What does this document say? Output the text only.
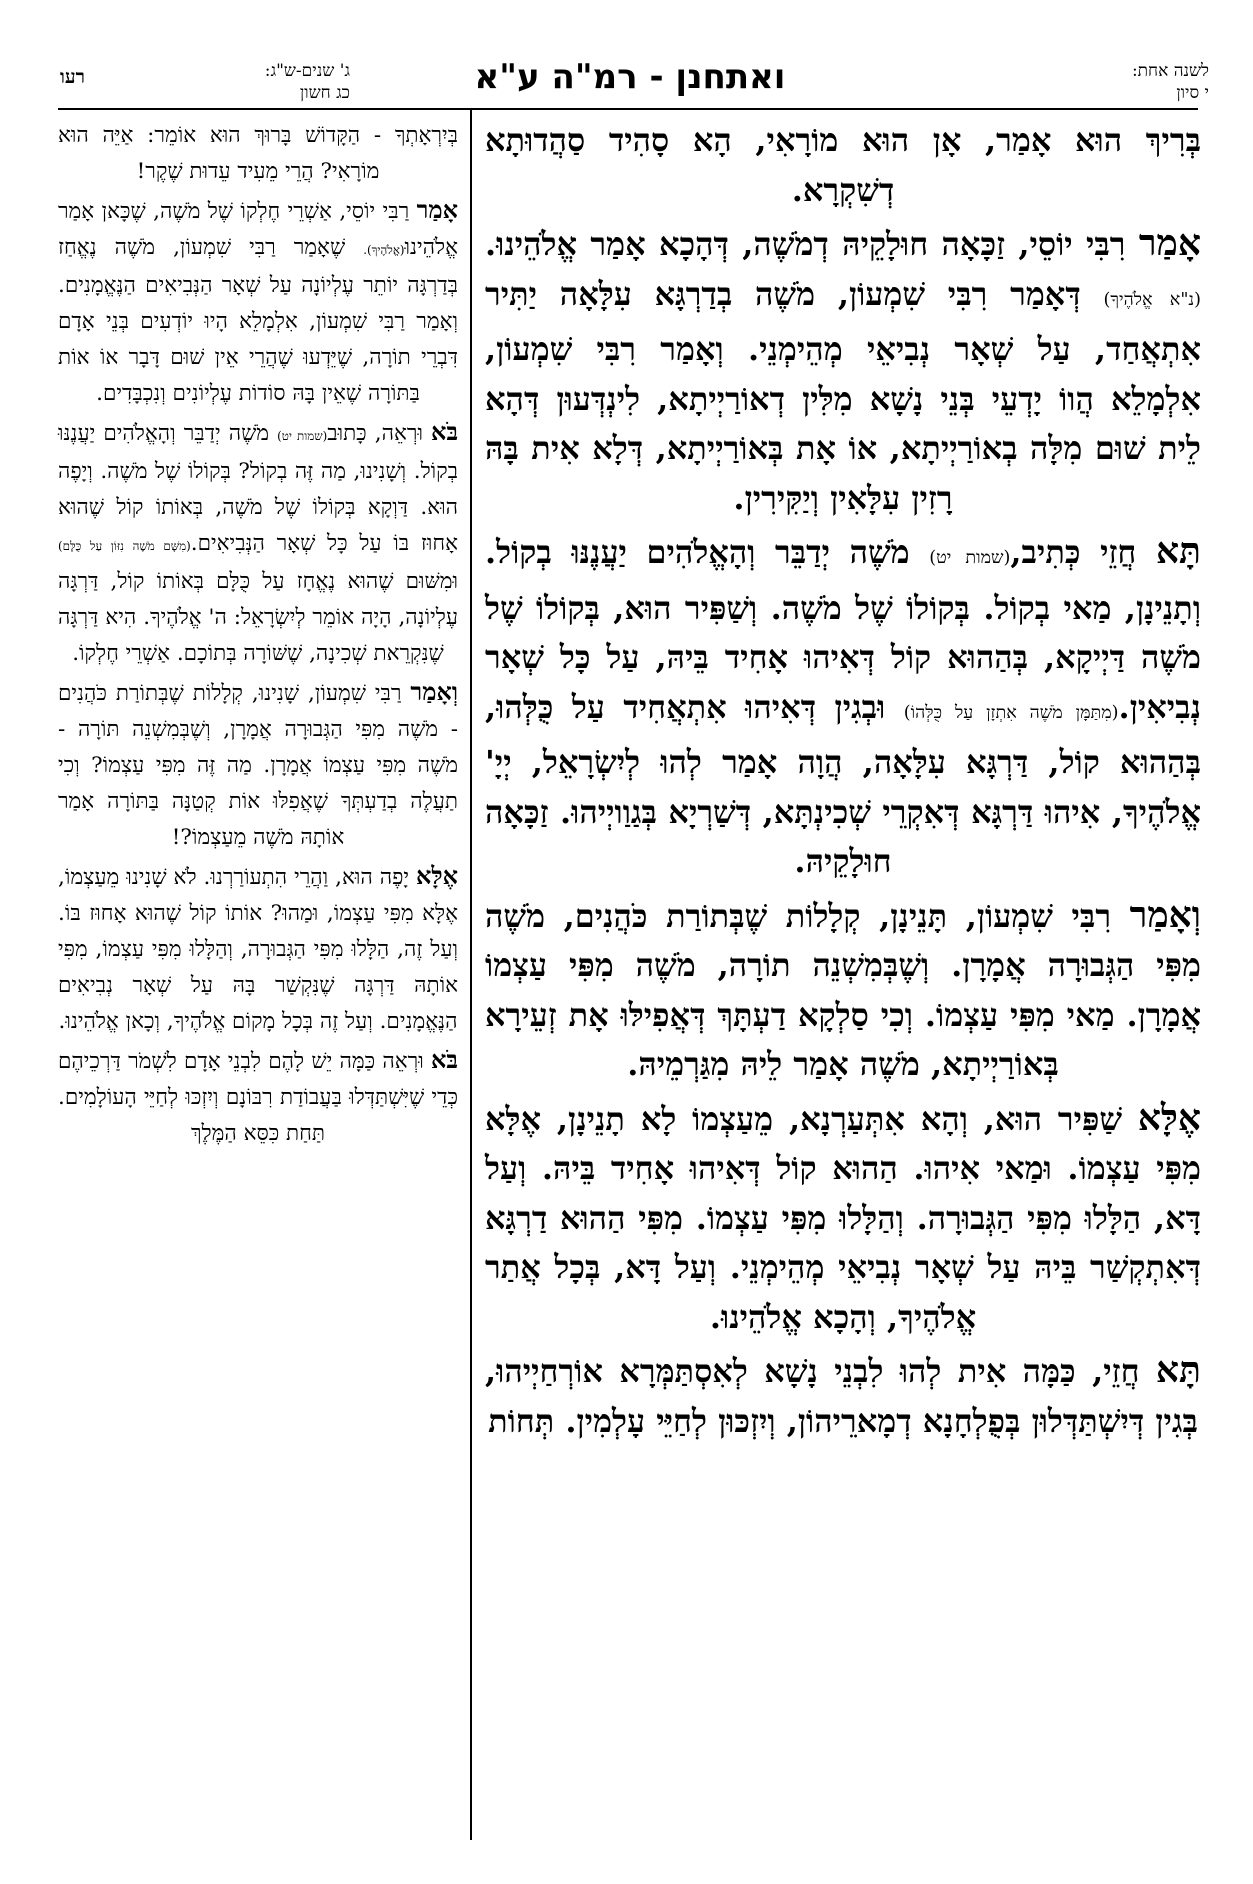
לשנה אחת:
י סיון
ואתחנן - רמ"ה ע"א
ג' שנים-ש"ג:
כג חשון
רעו

בְּרִיךְ הוּא אָמַר, אָן הוּא מוֹרָאִי, הָא סָהִיד סַהֲדוּתָא דְשִׁקְרָא.

אָמַר רִבִּי יוֹסֵי, זַכָּאָה חוּלָקֵיהּ דְמֹשֶׁה, דְּהָכָא אָמַר אֱלֹהֵינוּ.(נ"א אֱלֹהֶיךָ) דְּאָמַר רִבִּי שִׁמְעוֹן, מֹשֶׁה בְדַרְגָּא עִלָּאָה יַתִּיר אִתְאֲחַד, עַל שְׁאָר נְבִיאֵי מְהֵימְנֵי. וְאָמַר רִבִּי שִׁמְעוֹן, אִלְמָלֵא הֲווֹ יָדְעֵי בְּנֵי נָשָׁא מִלִּין דְאוֹרַיְיתָא, לִינְדְּעוּן דְּהָא לֵית שׁוּם מִלָּה בְאוֹרַיְיתָא, אוֹ אָת בְּאוֹרַיְיתָא, דְּלָא אִית בָּהּ רָזִין עִלָּאִין וְיַקִּירִין.

תָּא חֲזֵי כְּתִיב,(שמות יט) מֹשֶׁה יְדַבֵּר וְהָאֱלֹהִים יַעֲנֶנּוּ בְקוֹל. וְתָנֵינָן, מַאי בְקוֹל. בְּקוֹלוֹ שֶׁל מֹשֶׁה. וְשַׁפִּיר הוּא, בְּקוֹלוֹ שֶׁל מֹשֶׁה דַּיְיקָא, בְּהַהוּא קוֹל דְּאִיהוּ אָחִיד בֵּיהּ, עַל כָּל שְׁאָר נְבִיאִין.(מִתַּמָּן מֹשֶׁה אִתְזָן עַל כֻּלְּהוֹ) וּבְגִין דְּאִיהוּ אִתְאֲחִיד עַל כֻּלְּהוּ, בְּהַהוּא קוֹל, דַּרְגָּא עִלָּאָה, הֲוָה אָמַר לְהוּ לְיִשְׂרָאֵל, יְיָ' אֱלֹהֶיךָ, אִיהוּ דַּרְגָּא דְּאִקְרֵי שְׁכִינְתָּא, דְּשַׁרְיָא בְּגַוַויְיהוּ. זַכָּאָה חוּלָקֵיהּ.

וְאָמַר רִבִּי שִׁמְעוֹן, תָּנֵינָן, קְלָלוֹת שֶׁבְּתוֹרַת כֹּהֲנִים, מֹשֶׁה מִפִּי הַגְּבוּרָה אֲמָרָן. וְשֶׁבְּמִשְׁנֵה תוֹרָה, מֹשֶׁה מִפִּי עַצְמוֹ אֲמָרָן. מַאי מִפִּי עַצְמוֹ. וְכִי סַלְקָא דַעְתָּךְ דְּאֲפִילּוּ אָת זְעֵירָא בְּאוֹרַיְיתָא, מֹשֶׁה אָמַר לֵיהּ מִגַּרְמֵיהּ.

אֶלָּא שַׁפִּיר הוּא, וְהָא אִתְּעַרְנָא, מֵעַצְמוֹ לָא תָנֵינָן, אֶלָּא מִפִּי עַצְמוֹ. וּמַאי אִיהוּ. הַהוּא קוֹל דְּאִיהוּ אָחִיד בֵּיהּ. וְעַל דָּא, הַלָּלוּ מִפִּי הַגְּבוּרָה. וְהַלָּלוּ מִפִּי עַצְמוֹ. מִפִּי הַהוּא דַרְגָּא דְּאִתְקְשַׁר בֵּיהּ עַל שְׁאָר נְבִיאֵי מְהֵימְנֵי. וְעַל דָּא, בְּכָל אֲתַר אֱלֹהֶיךָ, וְהָכָא אֱלֹהֵינוּ.

תָּא חֲזֵי, כַּמָּה אִית לְהוּ לִבְנֵי נָשָׁא לְאִסְתַּמְּרָא אוֹרְחַיְיהוּ, בְּגִין דְּיִשְׁתַּדְּלוּן בְּפֻלְחָנָא דְמָארֵיהוֹן, וְיִזְכּוּן לְחַיֵּי עָלְמִין. תְּחוֹת

בְּיִרְאָתְךָ - הַקָּדוֹשׁ בָּרוּךְ הוּא אוֹמֵר: אַיֵּה הוּא מוֹרָאִי? הֲרֵי מֵעִיד עֵדוּת שֶׁקֶר!

אָמַר רַבִּי יוֹסֵי, אַשְׁרֵי חֶלְקוֹ שֶׁל מֹשֶׁה, שֶׁכָּאן אָמַר אֱלֹהֵינוּ(אֱלֹהֶיךָ). שֶׁאָמַר רַבִּי שִׁמְעוֹן, מֹשֶׁה נֶאֱחַז בְּדַרְגָּה יוֹתֵר עֶלְיוֹנָה עַל שְׁאָר הַנְּבִיאִים הַנֶּאֱמָנִים. וְאָמַר רַבִּי שִׁמְעוֹן, אִלְמָלֵא הָיוּ יוֹדְעִים בְּנֵי אָדָם דִּבְרֵי תוֹרָה, שֶׁיֵּדְעוּ שֶׁהֲרֵי אֵין שׁוּם דָּבָר אוֹ אוֹת בַּתּוֹרָה שֶׁאֵין בָּהּ סוֹדוֹת עֶלְיוֹנִים וְנִכְבָּדִים.

בֹּא וּרְאֵה, כָּתוּב(שמות יט) מֹשֶׁה יְדַבֵּר וְהָאֱלֹהִים יַעֲנֶנּוּ בְקוֹל. וְשָׁנִינוּ, מַה זֶּה בְקוֹל? בְּקוֹלוֹ שֶׁל מֹשֶׁה. וְיָפֶה הוּא. דַּוְקָא בְּקוֹלוֹ שֶׁל מֹשֶׁה, בְּאוֹתוֹ קוֹל שֶׁהוּא אָחוּז בּוֹ עַל כָּל שְׁאָר הַנְּבִיאִים.(מִשָּׁם מֹשֶׁה נִזּוֹן עַל כֻּלָּם) וּמִשּׁוּם שֶׁהוּא נֶאֱחָז עַל כֻּלָּם בְּאוֹתוֹ קוֹל, דַּרְגָּה עֶלְיוֹנָה, הָיָה אוֹמֵר לְיִשְׂרָאֵל: ה' אֱלֹהֶיךָ. הִיא דַּרְגָּה שֶׁנִּקְרֵאת שְׁכִינָה, שֶׁשּׁוֹרָה בְּתוֹכָם. אַשְׁרֵי חֶלְקוֹ.

וְאָמַר רַבִּי שִׁמְעוֹן, שָׁנִינוּ, קְלָלוֹת שֶׁבְּתוֹרַת כֹּהֲנִים - מֹשֶׁה מִפִּי הַגְּבוּרָה אֲמָרָן, וְשֶׁבְּמִשְׁנֵה תּוֹרָה - מֹשֶׁה מִפִּי עַצְמוֹ אֲמָרָן. מַה זֶּה מִפִּי עַצְמוֹ? וְכִי תַעֲלֶה בְדַעְתְּךָ שֶׁאֲפִלּוּ אוֹת קְטַנָּה בַּתּוֹרָה אָמַר אוֹתָהּ מֹשֶׁה מֵעַצְמוֹ?!

אֶלָּא יָפֶה הוּא, וַהֲרֵי הִתְעוֹרַרְנוּ. לֹא שָׁנִינוּ מֵעַצְמוֹ, אֶלָּא מִפִּי עַצְמוֹ, וּמַהוּ? אוֹתוֹ קוֹל שֶׁהוּא אָחוּז בּוֹ. וְעַל זֶה, הַלָּלוּ מִפִּי הַגְּבוּרָה, וְהַלָּלוּ מִפִּי עַצְמוֹ, מִפִּי אוֹתָהּ דַּרְגָּה שֶׁנִּקְשַׁר בָּהּ עַל שְׁאָר נְבִיאִים הַנֶּאֱמָנִים. וְעַל זֶה בְּכָל מָקוֹם אֱלֹהֶיךָ, וְכָאן אֱלֹהֵינוּ.

בֹּא וּרְאֵה כַּמָּה יֵשׁ לָהֶם לִבְנֵי אָדָם לִשְׁמֹר דַּרְכֵיהֶם כְּדֵי שֶׁיִּשְׁתַּדְּלוּ בַּעֲבוֹדַת רִבּוֹנָם וְיִזְכּוּ לְחַיֵּי הָעוֹלָמִים. תַּחַת כִּסֵּא הַמֶּלֶךְ
